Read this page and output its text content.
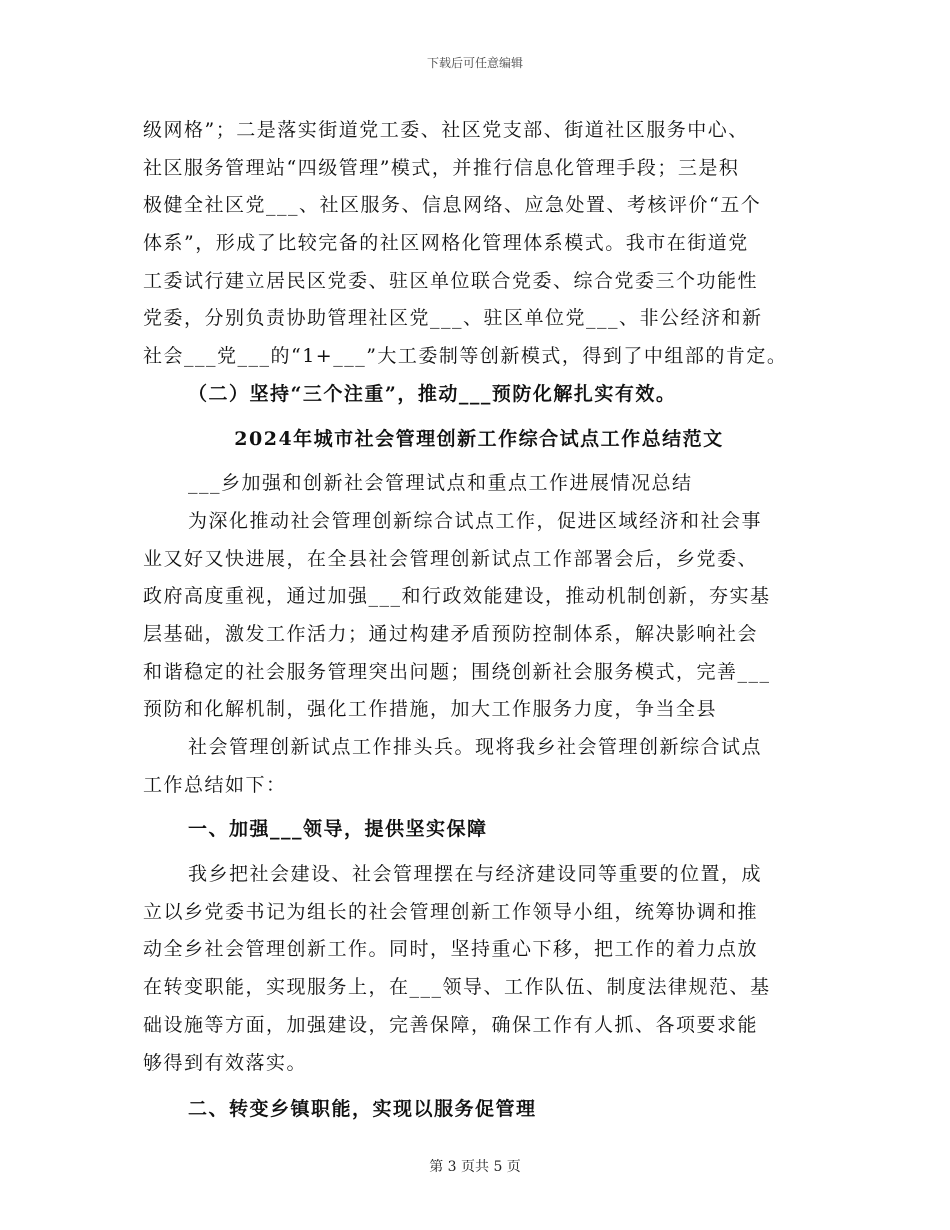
下载后可任意编辑
级网格”；二是落实街道党工委、社区党支部、街道社区服务中心、
社区服务管理站“四级管理”模式，并推行信息化管理手段；三是积
极健全社区党___、社区服务、信息网络、应急处置、考核评价“五个
体系”，形成了比较完备的社区网格化管理体系模式。我市在街道党
工委试行建立居民区党委、驻区单位联合党委、综合党委三个功能性
党委，分别负责协助管理社区党___、驻区单位党___、非公经济和新
社会___党___的“1+___”大工委制等创新模式，得到了中组部的肯定。
（二）坚持“三个注重”，推动___预防化解扎实有效。
2024年城市社会管理创新工作综合试点工作总结范文
___乡加强和创新社会管理试点和重点工作进展情况总结
为深化推动社会管理创新综合试点工作，促进区域经济和社会事
业又好又快进展，在全县社会管理创新试点工作部署会后，乡党委、
政府高度重视，通过加强___和行政效能建设，推动机制创新，夯实基
层基础，激发工作活力；通过构建矛盾预防控制体系，解决影响社会
和谐稳定的社会服务管理突出问题；围绕创新社会服务模式，完善___
预防和化解机制，强化工作措施，加大工作服务力度，争当全县
社会管理创新试点工作排头兵。现将我乡社会管理创新综合试点
工作总结如下：
一、加强___领导，提供坚实保障
我乡把社会建设、社会管理摆在与经济建设同等重要的位置，成
立以乡党委书记为组长的社会管理创新工作领导小组，统筹协调和推
动全乡社会管理创新工作。同时，坚持重心下移，把工作的着力点放
在转变职能，实现服务上，在___领导、工作队伍、制度法律规范、基
础设施等方面，加强建设，完善保障，确保工作有人抓、各项要求能
够得到有效落实。
二、转变乡镇职能，实现以服务促管理
第 3 页共 5 页
